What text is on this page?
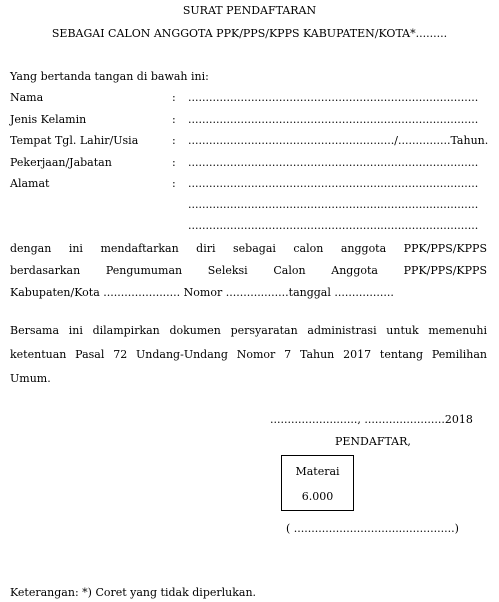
SURAT PENDAFTARAN
SEBAGAI CALON ANGGOTA PPK/PPS/KPPS KABUPATEN/KOTA*.........
Yang bertanda tangan di bawah ini:
Nama	: ...................................................................................
Jenis Kelamin	: ...................................................................................
Tempat Tgl. Lahir/Usia	: .........................................................../...............Tahun.
Pekerjaan/Jabatan	: ...................................................................................
Alamat	: ...................................................................................
...................................................................................
...................................................................................
dengan ini mendaftarkan diri sebagai calon anggota PPK/PPS/KPPS
berdasarkan Pengumuman Seleksi Calon Anggota PPK/PPS/KPPS
Kabupaten/Kota ...................... Nomor ..................tanggal .................
Bersama ini dilampirkan dokumen persyaratan administrasi untuk memenuhi
ketentuan Pasal 72 Undang-Undang Nomor 7 Tahun 2017 tentang Pemilihan
Umum.
........................., .......................2018
PENDAFTAR,
Materai
6.000
( ..............................................)
Keterangan: *) Coret yang tidak diperlukan.
